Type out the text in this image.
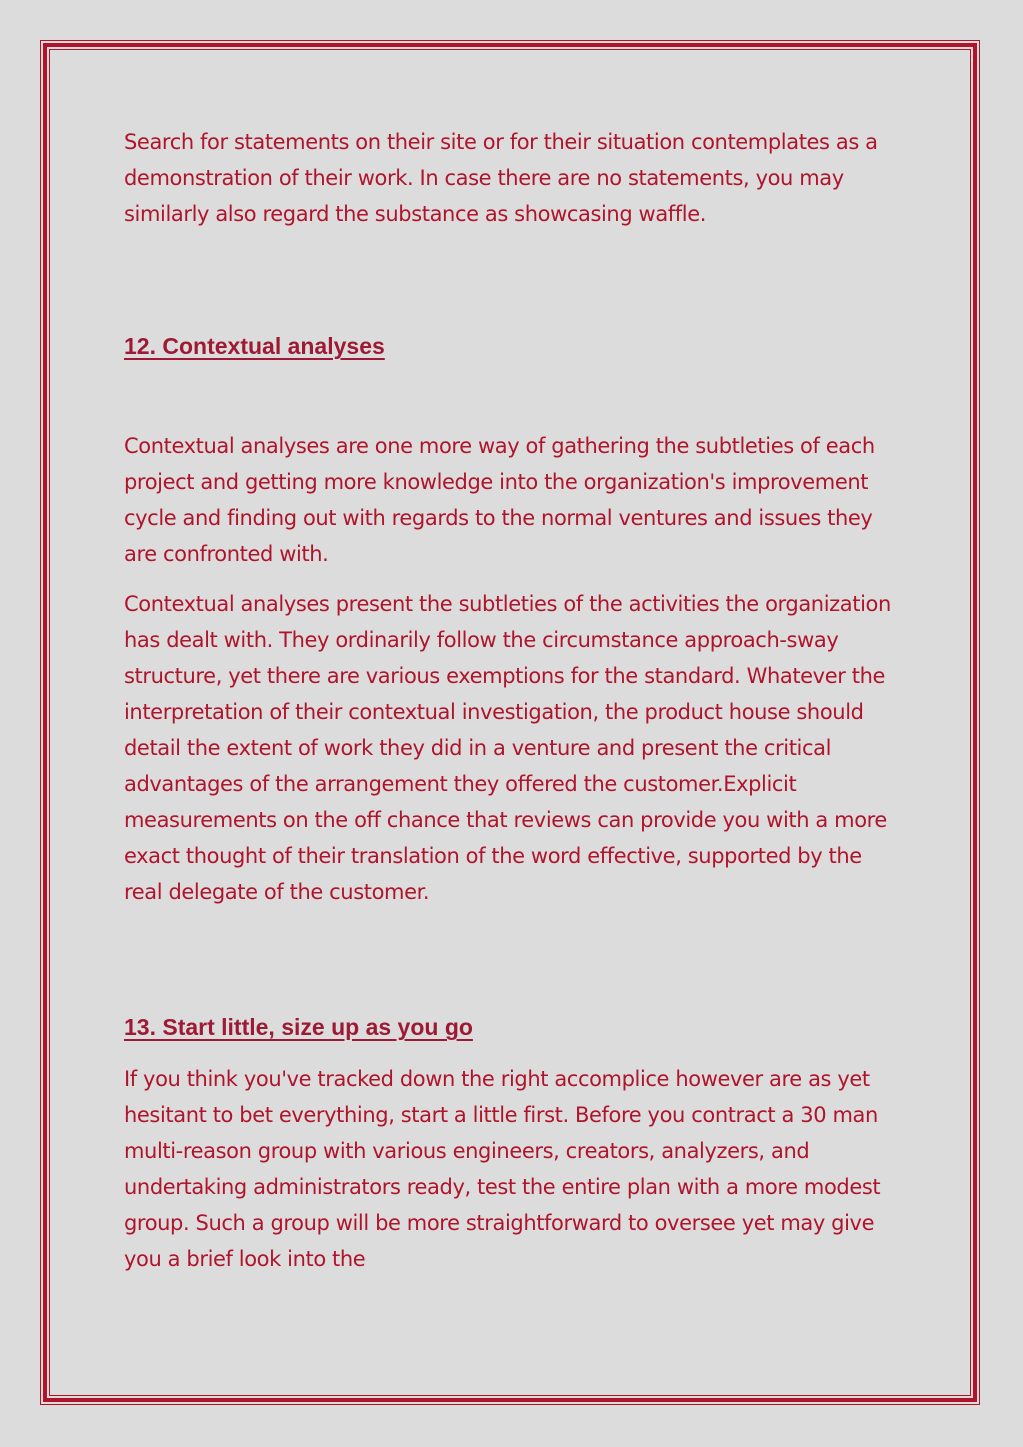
Search for statements on their site or for their situation contemplates as a demonstration of their work. In case there are no statements, you may similarly also regard the substance as showcasing waffle.

12. Contextual analyses

Contextual analyses are one more way of gathering the subtleties of each project and getting more knowledge into the organization's improvement cycle and finding out with regards to the normal ventures and issues they are confronted with.

Contextual analyses present the subtleties of the activities the organization has dealt with. They ordinarily follow the circumstance approach-sway structure, yet there are various exemptions for the standard. Whatever the interpretation of their contextual investigation, the product house should detail the extent of work they did in a venture and present the critical advantages of the arrangement they offered the customer.Explicit measurements on the off chance that reviews can provide you with a more exact thought of their translation of the word effective, supported by the real delegate of the customer.

13. Start little, size up as you go

If you think you've tracked down the right accomplice however are as yet hesitant to bet everything, start a little first. Before you contract a 30 man multi-reason group with various engineers, creators, analyzers, and undertaking administrators ready, test the entire plan with a more modest group. Such a group will be more straightforward to oversee yet may give you a brief look into the
